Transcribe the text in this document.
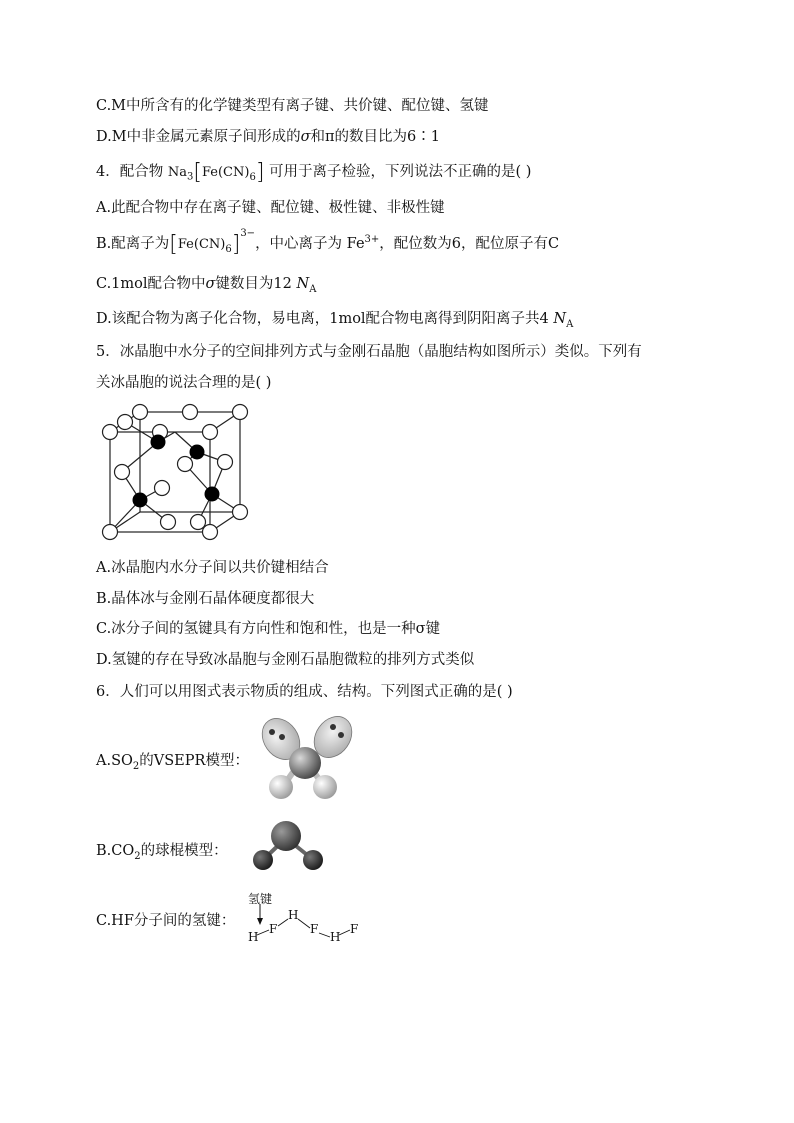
C.M中所含有的化学键类型有离子键、共价键、配位键、氢键
D.M中非金属元素原子间形成的σ和π的数目比为6∶1
4．配合物 $Na_3[Fe(CN)_6]$ 可用于离子检验，下列说法不正确的是( )
A.此配合物中存在离子键、配位键、极性键、非极性键
B.配离子为$[Fe(CN)_6]^{3-}$，中心离子为 $Fe^{3+}$，配位数为6，配位原子有C
C.1mol配合物中σ键数目为12 $N_A$
D.该配合物为离子化合物，易电离，1mol配合物电离得到阴阳离子共4 $N_A$
5．冰晶胞中水分子的空间排列方式与金刚石晶胞（晶胞结构如图所示）类似。下列有
关冰晶胞的说法合理的是( )
A.冰晶胞内水分子间以共价键相结合
B.晶体冰与金刚石晶体硬度都很大
C.冰分子间的氢键具有方向性和饱和性，也是一种σ键
D.氢键的存在导致冰晶胞与金刚石晶胞微粒的排列方式类似
6．人们可以用图式表示物质的组成、结构。下列图式正确的是( )
$A.SO_2$的VSEPR模型：
$B.CO_2$的球棍模型：
C.HF分子间的氢键：
氢键
H
F
H
F
H
F
